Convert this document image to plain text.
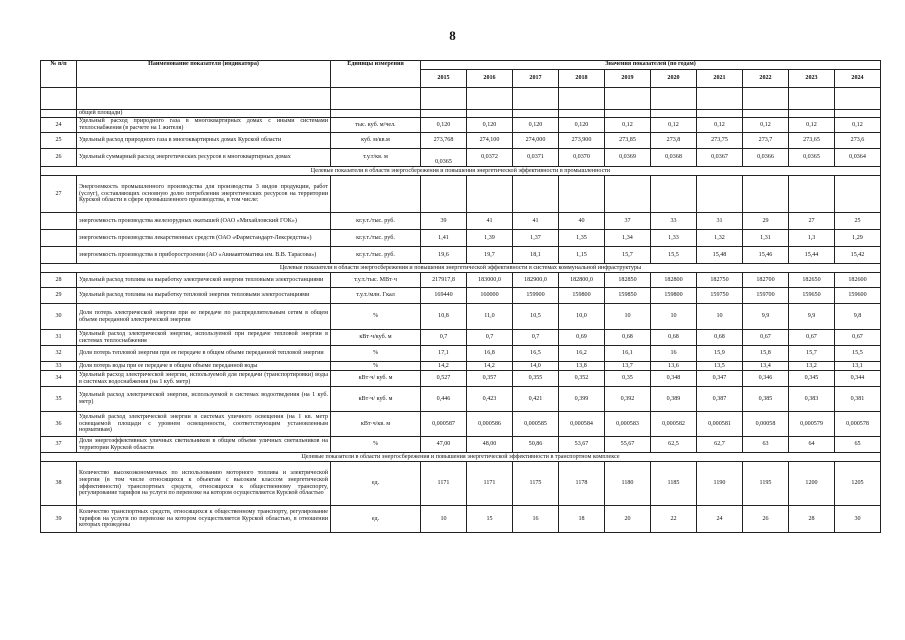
8
№ п/п	Наименование показателя (индикатора)	Единицы измерения	Значения показателей (по годам)									
			2015	2016	2017	2018	2019	2020	2021	2022	2023	2024

	общей площади)											
24	Удельный расход природного газа в многоквартирных домах с иными системами теплоснабжения (в расчете на 1 жителя)	тыс. куб. м/чел.	0,120	0,120	0,120	0,120	0,12	0,12	0,12	0,12	0,12	0,12
25	Удельный расход природного газа в многоквартирных домах Курской области	куб. м/кв.м	273,768	274,100	274,000	273,900	273,85	273,8	273,75	273,7	273,65	273,6
26	Удельный суммарный расход энергетических ресурсов в многоквартирных домах	т.у.т/кв. м	0,0365	0,0372	0,0371	0,0370	0,0369	0,0368	0,0367	0,0366	0,0365	0,0364
Целевые показатели в области энергосбережения и повышения энергетической эффективности в промышленности												
27	Энергоемкость промышленного производства для производства 3 видов продукции, работ (услуг), составляющих основную долю потребления энергетических ресурсов на территории Курской области в сфере промышленного производства, в том числе:											
	энергоемкость производства железорудных окатышей (ОАО «Михайловский ГОК»)	кг.у.т./тыс. руб.	39	41	41	40	37	33	31	29	27	25
	энергоемкость производства лекарственных средств (ОАО «Фармстандарт-Лексредства»)	кг.у.т./тыс. руб.	1,41	1,39	1,37	1,35	1,34	1,33	1,32	1,31	1,3	1,29
	энергоемкость производства в приборостроении (АО «Авиаавтоматика им. В.В. Тарасова»)	кг.у.т./тыс. руб.	19,6	19,7	18,1	1,15	15,7	15,5	15,48	15,46	15,44	15,42
Целевые показатели в области энергосбережения и повышения энергетической эффективности в системах коммунальной инфраструктуры												
28	Удельный расход топлива на выработку электрической энергии тепловыми электростанциями	т.у.т./тыс. МВт·ч	217917,8	183000,0	182900,0	182800,0	182850	182800	182750	182700	182650	182600
29	Удельный расход топлива на выработку тепловой энергии тепловыми электростанциями	т.у.т./млн. Гкал	169440	160000	159900	159800	159850	159800	159750	159700	159650	159600
30	Доля потерь электрической энергии при ее передаче по распределительным сетям в общем объеме переданной электрической энергии	%	10,8	11,0	10,5	10,0	10	10	10	9,9	9,9	9,8
31	Удельный расход электрической энергии, используемой при передаче тепловой энергии в системах теплоснабжения	кВт·ч/куб. м	0,7	0,7	0,7	0,69	0,68	0,68	0,68	0,67	0,67	0,67
32	Доля потерь тепловой энергии при ее передаче в общем объеме переданной тепловой энергии	%	17,1	16,8	16,5	16,2	16,1	16	15,9	15,8	15,7	15,5
33	Доля потерь воды при ее передаче в общем объеме переданной воды	%	14,2	14,2	14,0	13,8	13,7	13,6	13,5	13,4	13,2	13,1
34	Удельный расход электрической энергии, используемой для передачи (транспортировки) воды в системах водоснабжения (на 1 куб. метр)	кВт·ч/ куб. м	0,527	0,357	0,355	0,352	0,35	0,348	0,347	0,346	0,345	0,344
35	Удельный расход электрической энергии, используемой в системах водоотведения (на 1 куб. метр)	кВт·ч/ куб. м	0,446	0,423	0,421	0,399	0,392	0,389	0,387	0,385	0,383	0,381
36	Удельный расход электрической энергии в системах уличного освещения (на 1 кв. метр освещаемой площади с уровнем освещенности, соответствующим установленным нормативам)	кВт·ч/кв. м	0,000587	0,000586	0,000585	0,000584	0,000583	0,000582	0,000581	0,00058	0,000579	0,000578
37	Доля энергоэффективных уличных светильников в общем объеме уличных светильников на территории Курской области	%	47,00	48,00	50,86	53,67	55,67	62,5	62,7	63	64	65
Целевые показатели в области энергосбережения и повышения энергетической эффективности в транспортном комплексе												
38	Количество высокоэкономичных по использованию моторного топлива и электрической энергии (в том числе относящихся к объектам с высоким классом энергетической эффективности) транспортных средств, относящихся к общественному транспорту, регулирование тарифов на услуги по перевозке на котором осуществляется Курской областью	ед.	1171	1171	1175	1178	1180	1185	1190	1195	1200	1205
39	Количество транспортных средств, относящихся к общественному транспорту, регулирование тарифов на услуги по перевозке на котором осуществляется Курской областью, в отношении которых проведены	ед.	10	15	16	18	20	22	24	26	28	30
